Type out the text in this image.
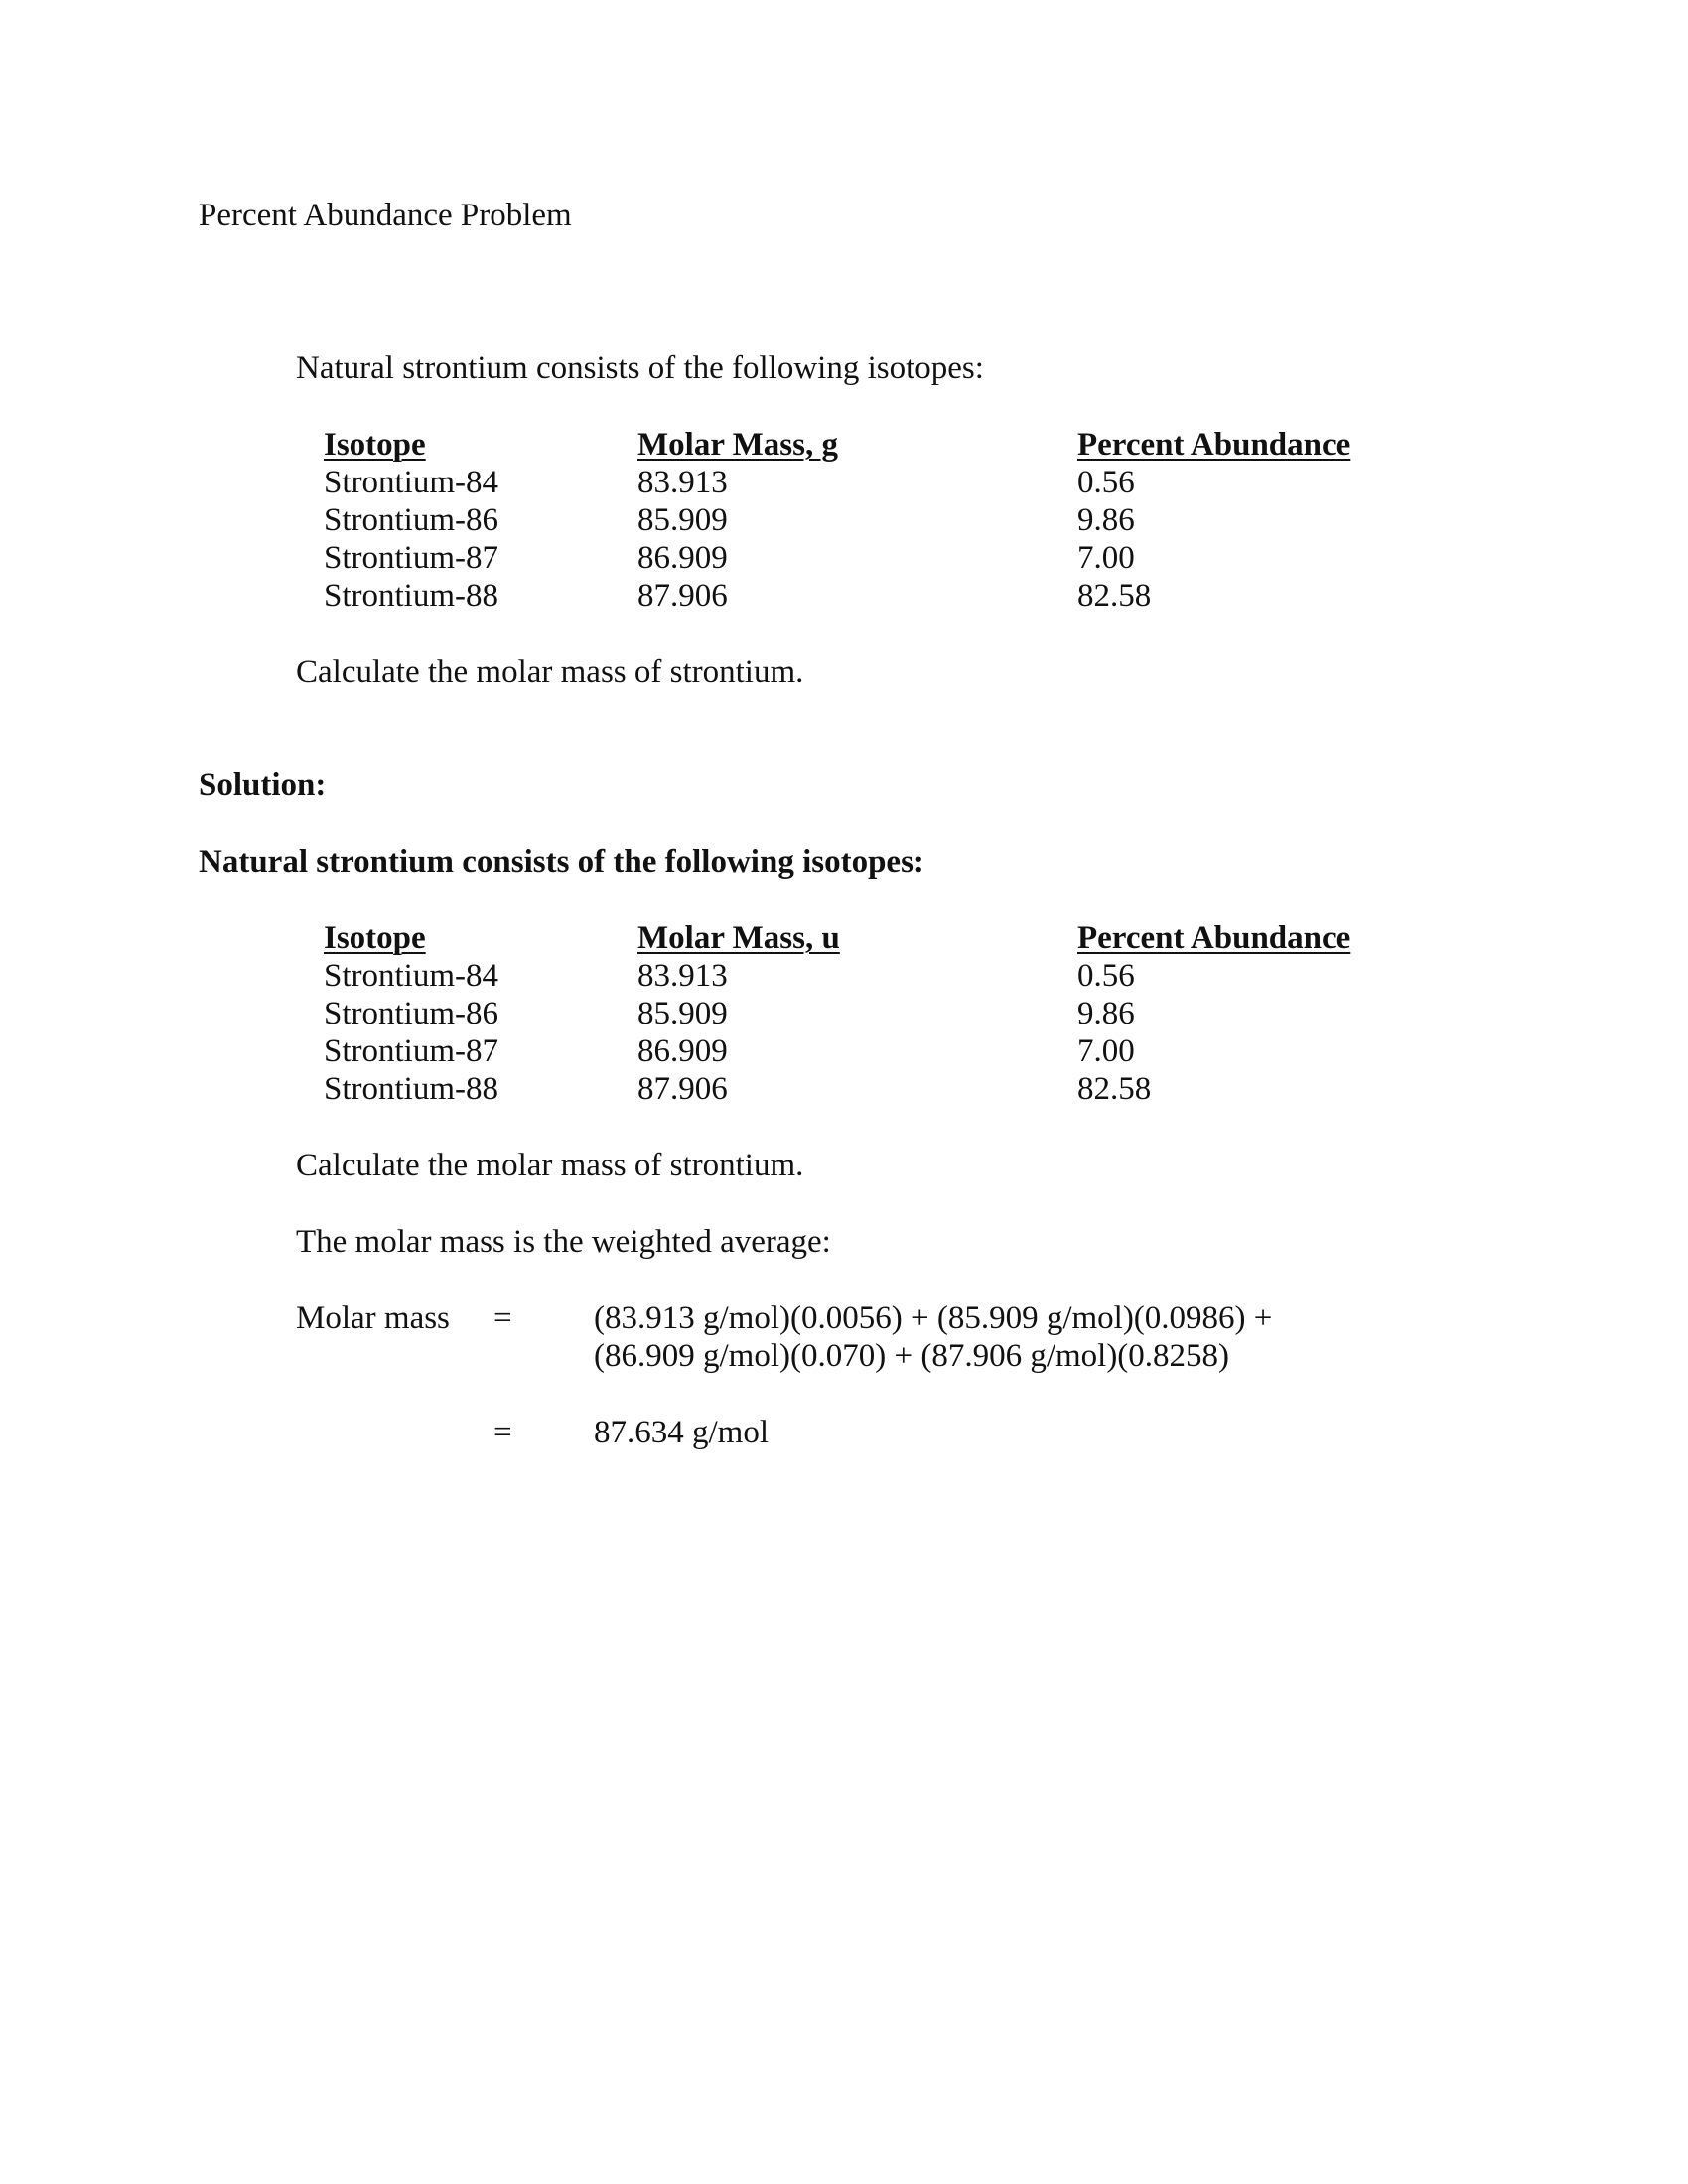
Percent Abundance Problem
Natural strontium consists of the following isotopes:
Isotope	Molar Mass, g	Percent Abundance
Strontium-84	83.913	0.56
Strontium-86	85.909	9.86
Strontium-87	86.909	7.00
Strontium-88	87.906	82.58
Calculate the molar mass of strontium.
Solution:
Natural strontium consists of the following isotopes:
Isotope	Molar Mass, u	Percent Abundance
Strontium-84	83.913	0.56
Strontium-86	85.909	9.86
Strontium-87	86.909	7.00
Strontium-88	87.906	82.58
Calculate the molar mass of strontium.
The molar mass is the weighted average:
Molar mass = (83.913 g/mol)(0.0056) + (85.909 g/mol)(0.0986) +
(86.909 g/mol)(0.070) + (87.906 g/mol)(0.8258)
= 87.634 g/mol
